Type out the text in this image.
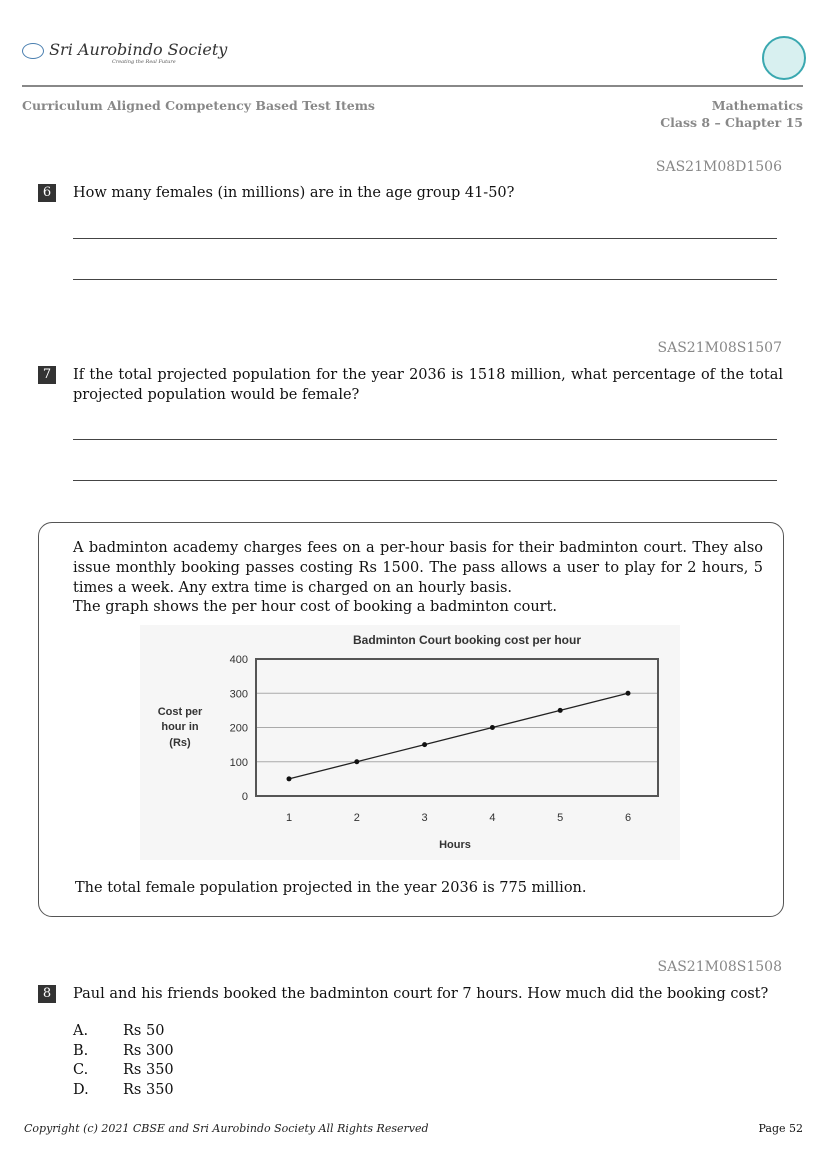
Sri Aurobindo Society
Creating the Real Future
Curriculum Aligned Competency Based Test Items	Mathematics
Class 8 – Chapter 15
SAS21M08D1506
6	How many females (in millions) are in the age group 41-50?
SAS21M08S1507
7	If the total projected population for the year 2036 is 1518 million, what percentage of the total projected population would be female?
A badminton academy charges fees on a per-hour basis for their badminton court. They also issue monthly booking passes costing Rs 1500. The pass allows a user to play for 2 hours, 5 times a week. Any extra time is charged on an hourly basis.
The graph shows the per hour cost of booking a badminton court.
Badminton Court booking cost per hour
0
100
200
300
400
1	2	3	4	5	6
Cost per
hour in
(Rs)
Hours
The total female population projected in the year 2036 is 775 million.
SAS21M08S1508
8	Paul and his friends booked the badminton court for 7 hours. How much did the booking cost?
A. Rs 50
B. Rs 300
C. Rs 350
D. Rs 350
Copyright (c) 2021 CBSE and Sri Aurobindo Society All Rights Reserved	Page 52
